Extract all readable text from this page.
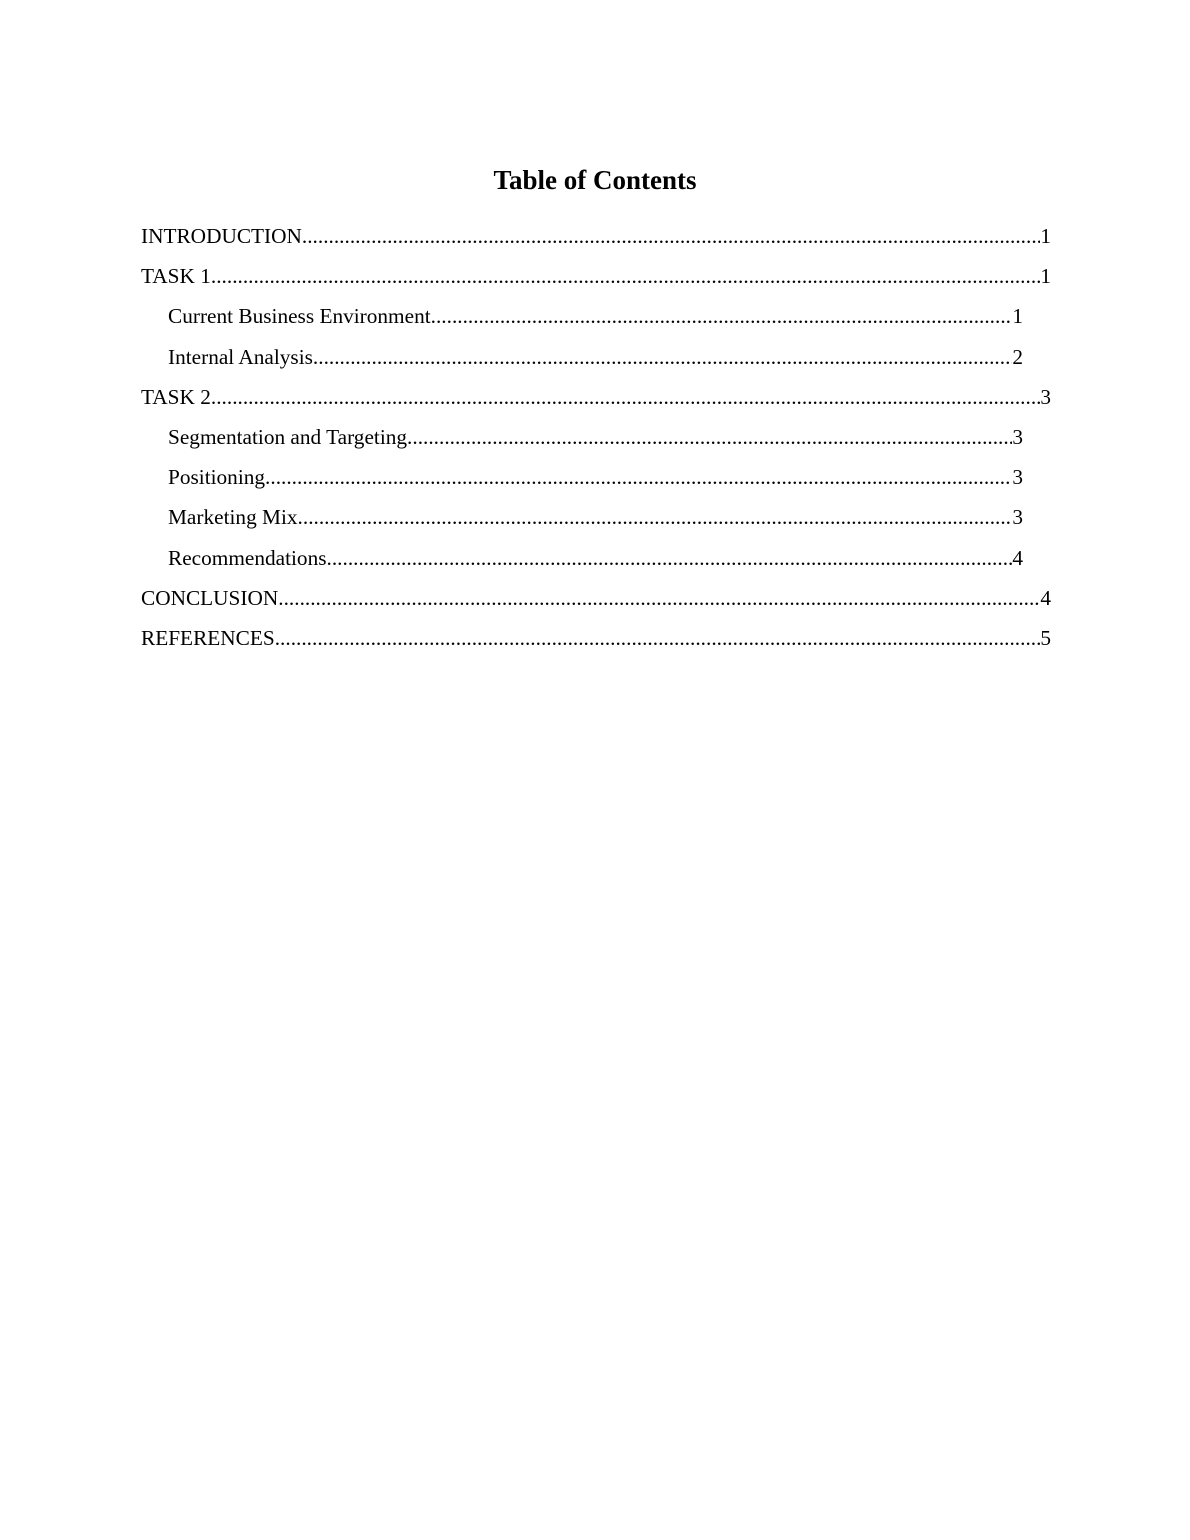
Table of Contents
INTRODUCTION .....	1
TASK 1 .....	1
Current Business Environment .....	1
Internal Analysis .....	2
TASK 2 .....	3
Segmentation and Targeting .....	3
Positioning .....	3
Marketing Mix .....	3
Recommendations .....	4
CONCLUSION .....	4
REFERENCES .....	5
